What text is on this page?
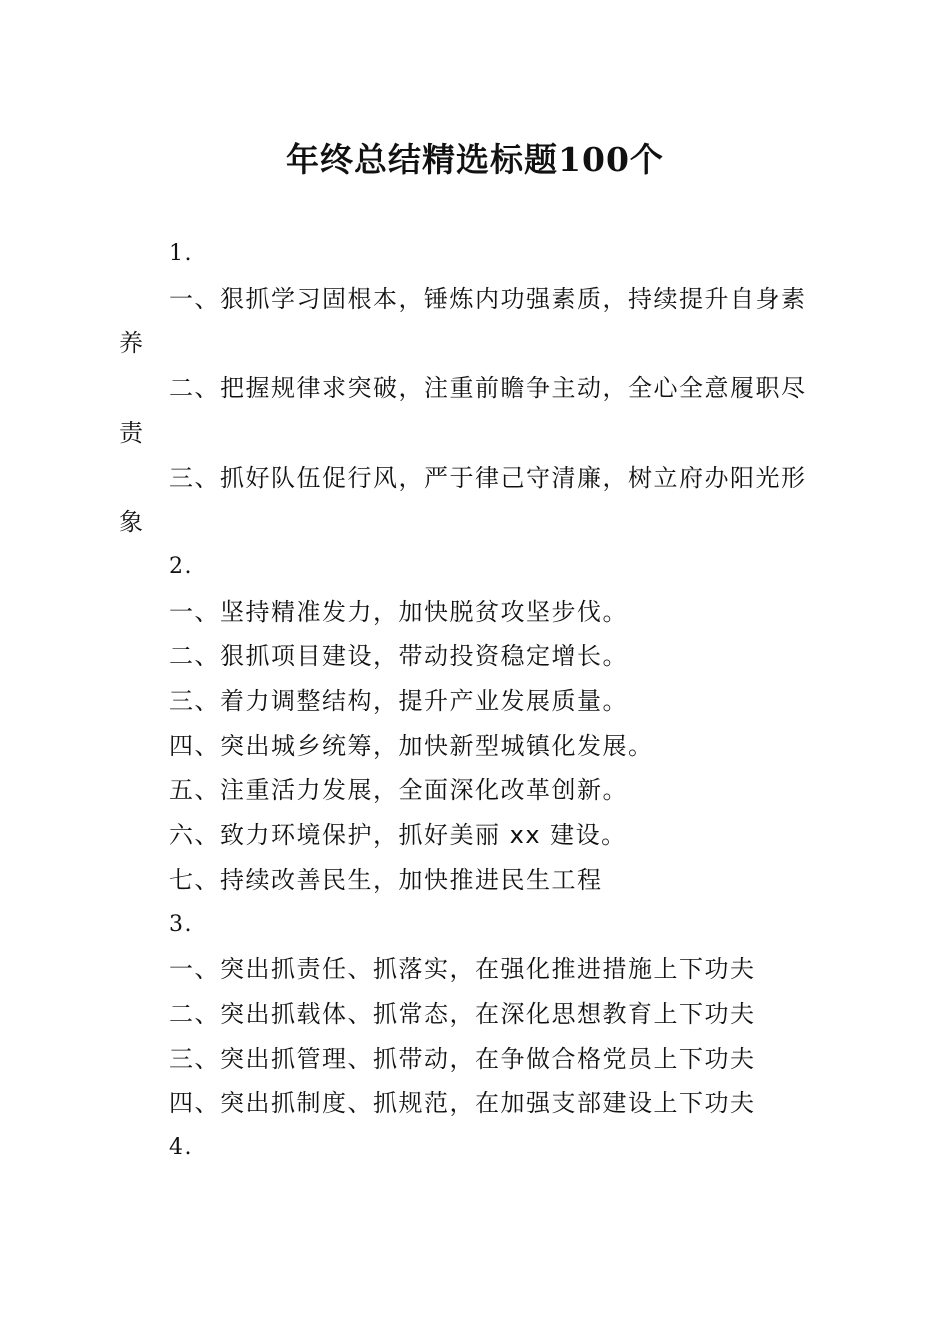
年终总结精选标题100个

1.

一、狠抓学习固根本，锤炼内功强素质，持续提升自身素养

二、把握规律求突破，注重前瞻争主动，全心全意履职尽责

三、抓好队伍促行风，严于律己守清廉，树立府办阳光形象

2.

一、坚持精准发力，加快脱贫攻坚步伐。

二、狠抓项目建设，带动投资稳定增长。

三、着力调整结构，提升产业发展质量。

四、突出城乡统筹，加快新型城镇化发展。

五、注重活力发展，全面深化改革创新。

六、致力环境保护，抓好美丽 xx 建设。

七、持续改善民生，加快推进民生工程

3.

一、突出抓责任、抓落实，在强化推进措施上下功夫

二、突出抓载体、抓常态，在深化思想教育上下功夫

三、突出抓管理、抓带动，在争做合格党员上下功夫

四、突出抓制度、抓规范，在加强支部建设上下功夫

4.
